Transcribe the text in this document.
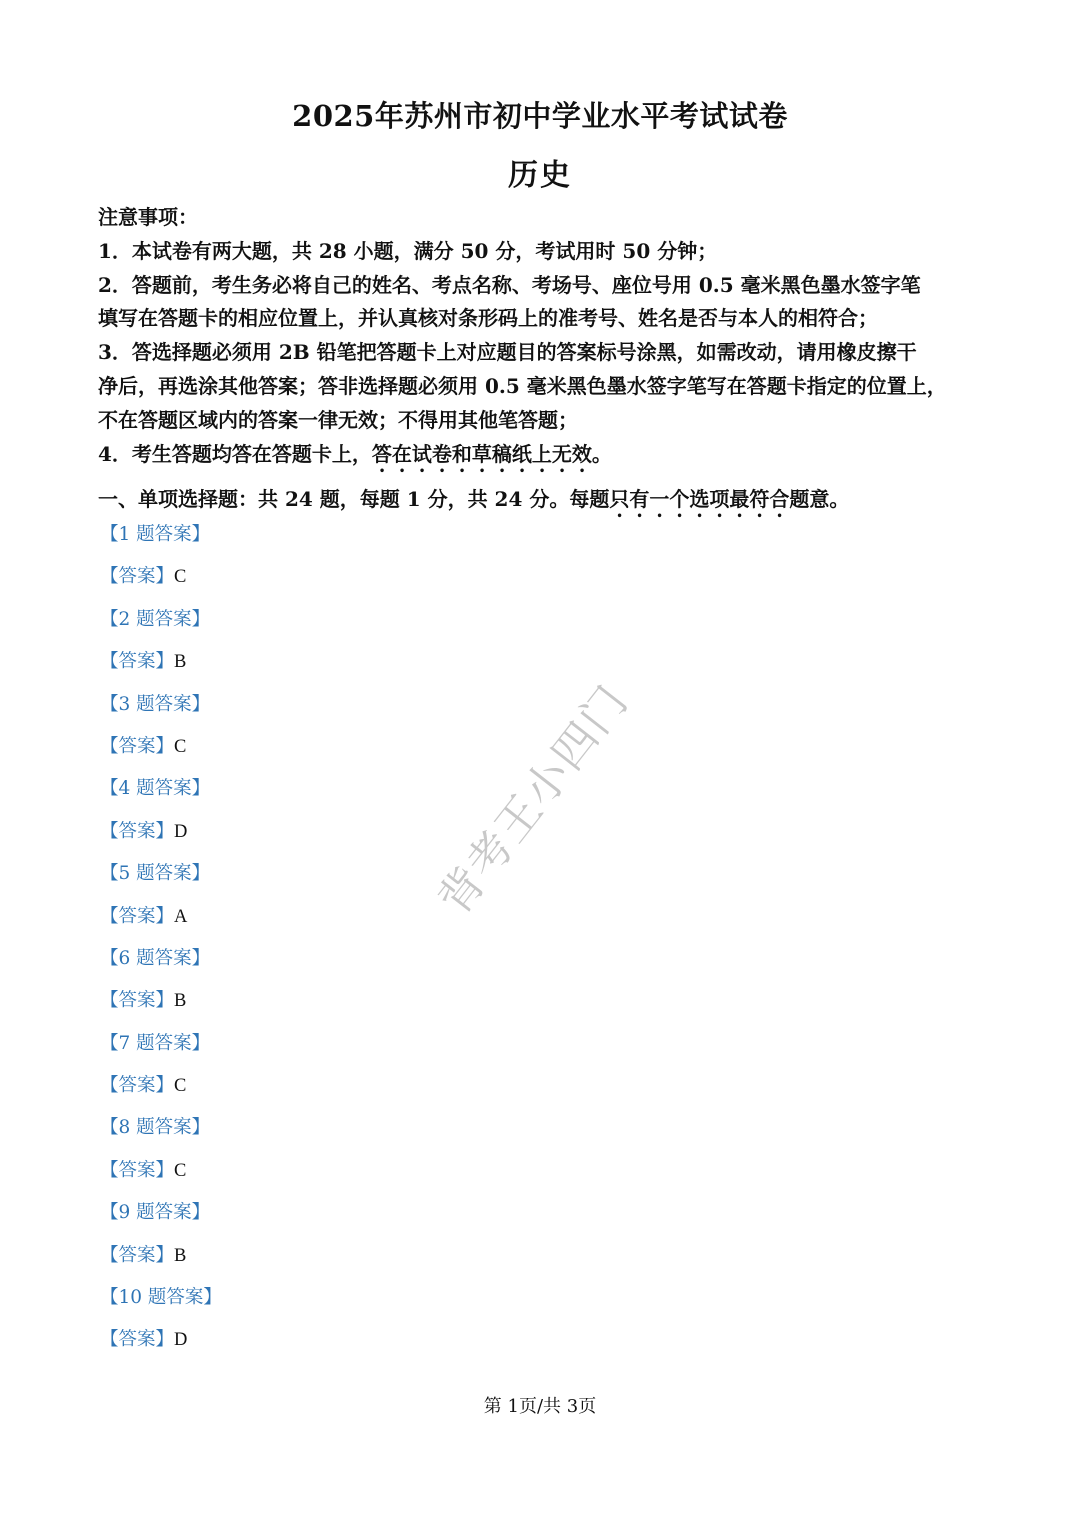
2025年苏州市初中学业水平考试试卷
历史
注意事项：
1．本试卷有两大题，共 28 小题，满分 50 分，考试用时 50 分钟；
2．答题前，考生务必将自己的姓名、考点名称、考场号、座位号用 0.5 毫米黑色墨水签字笔
填写在答题卡的相应位置上，并认真核对条形码上的准考号、姓名是否与本人的相符合；
3．答选择题必须用 2B 铅笔把答题卡上对应题目的答案标号涂黑，如需改动，请用橡皮擦干
净后，再选涂其他答案；答非选择题必须用 0.5 毫米黑色墨水签字笔写在答题卡指定的位置上，
不在答题区域内的答案一律无效；不得用其他笔答题；
4．考生答题均答在答题卡上，答在试卷和草稿纸上无效。
一、单项选择题：共 24 题，每题 1 分，共 24 分。每题只有一个选项最符合题意。
【1 题答案】
【答案】C
【2 题答案】
【答案】B
【3 题答案】
【答案】C
【4 题答案】
【答案】D
【5 题答案】
【答案】A
【6 题答案】
【答案】B
【7 题答案】
【答案】C
【8 题答案】
【答案】C
【9 题答案】
【答案】B
【10 题答案】
【答案】D
背考王小四门
第 1页/共 3页
